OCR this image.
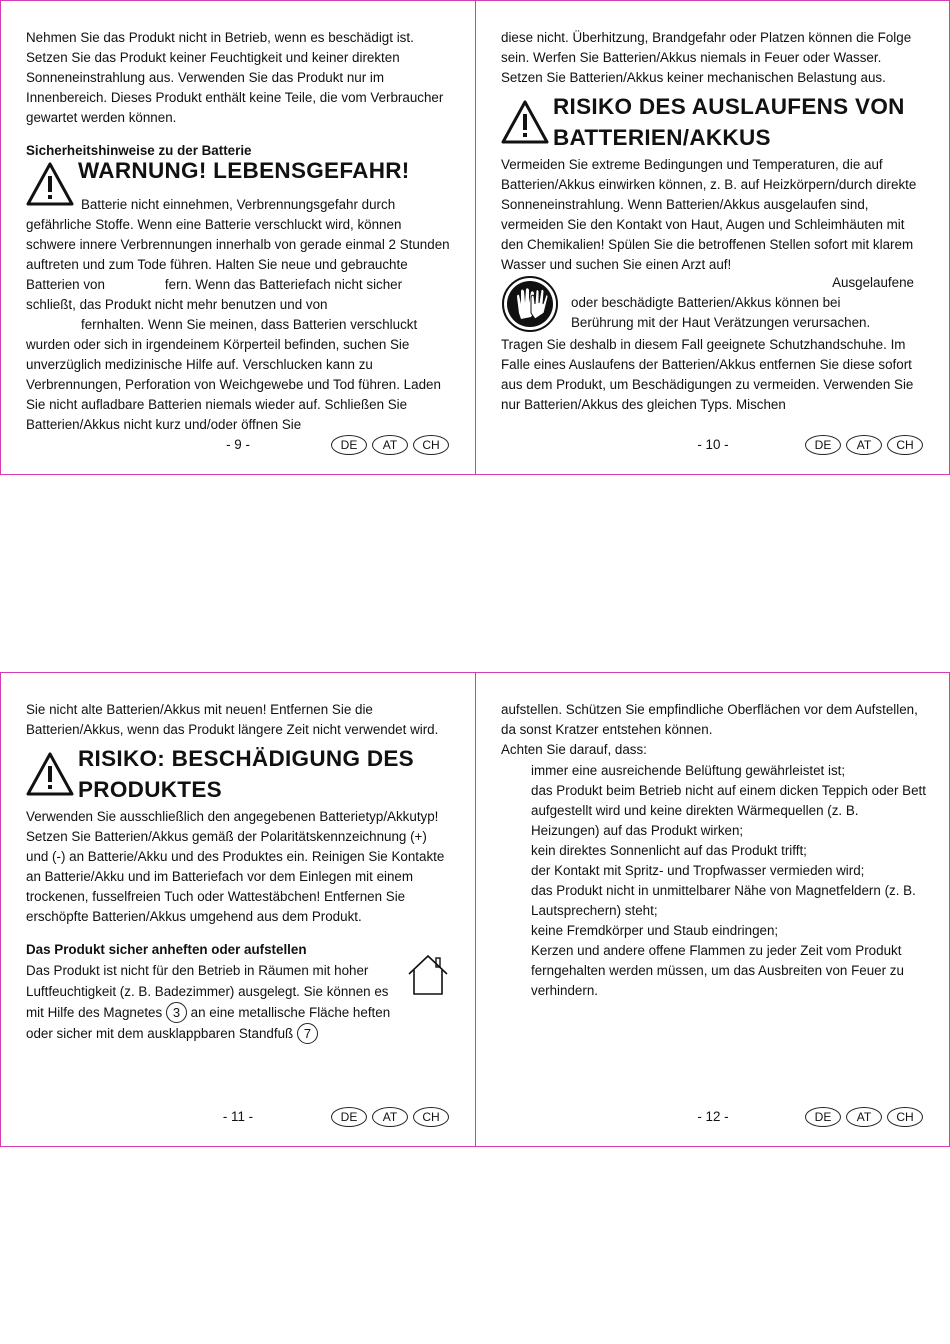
Nehmen Sie das Produkt nicht in Betrieb, wenn es beschädigt ist. Setzen Sie das Produkt keiner Feuchtigkeit und keiner direkten Sonneneinstrahlung aus. Verwenden Sie das Produkt nur im Innenbereich. Dieses Produkt enthält keine Teile, die vom Verbraucher gewartet werden können.

Sicherheitshinweise zu der Batterie

WARNUNG! LEBENSGEFAHR!

Batterie nicht einnehmen, Verbrennungsgefahr durch gefährliche Stoffe. Wenn eine Batterie verschluckt wird, können schwere innere Verbrennungen innerhalb von gerade einmal 2 Stunden auftreten und zum Tode führen. Halten Sie neue und gebrauchte Batterien von	fern. Wenn das Batteriefach nicht sicher schließt, das Produkt nicht mehr benutzen und von
fernhalten. Wenn Sie meinen, dass Batterien verschluckt wurden oder sich in irgendeinem Körperteil befinden, suchen Sie unverzüglich medizinische Hilfe auf. Verschlucken kann zu Verbrennungen, Perforation von Weichgewebe und Tod führen. Laden Sie nicht aufladbare Batterien niemals wieder auf. Schließen Sie Batterien/Akkus nicht kurz und/oder öffnen Sie

- 9 -	DE	AT	CH

diese nicht. Überhitzung, Brandgefahr oder Platzen können die Folge sein. Werfen Sie Batterien/Akkus niemals in Feuer oder Wasser. Setzen Sie Batterien/Akkus keiner mechanischen Belastung aus.

RISIKO DES AUSLAUFENS VON
BATTERIEN/AKKUS

Vermeiden Sie extreme Bedingungen und Temperaturen, die auf Batterien/Akkus einwirken können, z. B. auf Heizkörpern/durch direkte Sonneneinstrahlung. Wenn Batterien/Akkus ausgelaufen sind, vermeiden Sie den Kontakt von Haut, Augen und Schleimhäuten mit den Chemikalien! Spülen Sie die betroffenen Stellen sofort mit klarem Wasser und suchen Sie einen Arzt auf!

Ausgelaufene
oder beschädigte Batterien/Akkus können bei
Berührung mit der Haut Verätzungen verursachen.

Tragen Sie deshalb in diesem Fall geeignete Schutzhandschuhe. Im Falle eines Auslaufens der Batterien/Akkus entfernen Sie diese sofort aus dem Produkt, um Beschädigungen zu vermeiden. Verwenden Sie nur Batterien/Akkus des gleichen Typs. Mischen

- 10 -	DE	AT	CH

Sie nicht alte Batterien/Akkus mit neuen! Entfernen Sie die Batterien/Akkus, wenn das Produkt längere Zeit nicht verwendet wird.

RISIKO: BESCHÄDIGUNG DES
PRODUKTES

Verwenden Sie ausschließlich den angegebenen Batterietyp/Akkutyp! Setzen Sie Batterien/Akkus gemäß der Polaritätskennzeichnung (+) und (-) an Batterie/Akku und des Produktes ein. Reinigen Sie Kontakte an Batterie/Akku und im Batteriefach vor dem Einlegen mit einem trockenen, fusselfreien Tuch oder Wattestäbchen! Entfernen Sie erschöpfte Batterien/Akkus umgehend aus dem Produkt.

Das Produkt sicher anheften oder aufstellen

Das Produkt ist nicht für den Betrieb in Räumen mit hoher Luftfeuchtigkeit (z. B. Badezimmer) ausgelegt. Sie können es mit Hilfe des Magnetes 3 an eine metallische Fläche heften oder sicher mit dem ausklappbaren Standfuß 7

- 11 -	DE	AT	CH

aufstellen. Schützen Sie empfindliche Oberflächen vor dem Aufstellen, da sonst Kratzer entstehen können.

Achten Sie darauf, dass:

immer eine ausreichende Belüftung gewährleistet ist;
das Produkt beim Betrieb nicht auf einem dicken Teppich oder Bett aufgestellt wird und keine direkten Wärmequellen (z. B. Heizungen) auf das Produkt wirken;
kein direktes Sonnenlicht auf das Produkt trifft;
der Kontakt mit Spritz- und Tropfwasser vermieden wird;
das Produkt nicht in unmittelbarer Nähe von Magnetfeldern (z. B. Lautsprechern) steht;
keine Fremdkörper und Staub eindringen;
Kerzen und andere offene Flammen zu jeder Zeit vom Produkt ferngehalten werden müssen, um das Ausbreiten von Feuer zu verhindern.
- 12 -	DE	AT	CH
